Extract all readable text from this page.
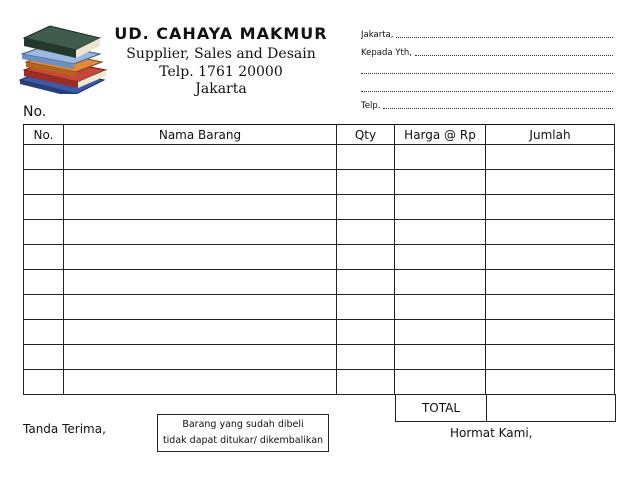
UD. CAHAYA MAKMUR
Supplier, Sales and Desain
Telp. 1761 20000
Jakarta
Jakarta,
Kepada Yth,
Telp.
No.
No.	Nama Barang	Qty	Harga @ Rp	Jumlah

TOTAL	
Tanda Terima,	Barang yang sudah dibeli
tidak dapat ditukar/ dikembalikan
Hormat Kami,
